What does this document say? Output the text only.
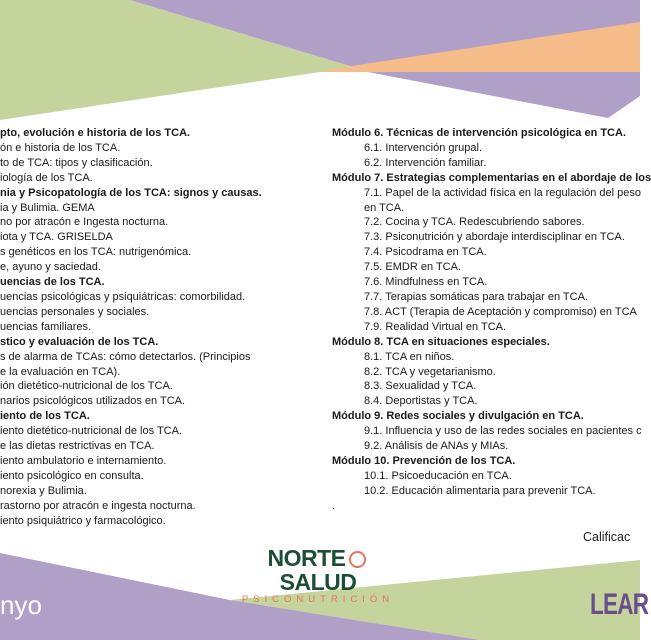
pto, evolución e historia de los TCA.
ón e historia de los TCA.
to de TCA: tipos y clasificación.
iología de los TCA.
nia y Psicopatología de los TCA: signos y causas.
ia y Bulimia. GEMA
no por atracón e Ingesta nocturna.
iota y TCA. GRISELDA
s genéticos en los TCA: nutrigenómica.
e, ayuno y saciedad.
uencias de los TCA.
uencias psicológicas y psiquiátricas: comorbilidad.
uencias personales y sociales.
uencias familiares.
stico y evaluación de los TCA.
s de alarma de TCAs: cómo detectarlos. (Principios
e la evaluación en TCA).
ión dietético-nutricional de los TCA.
narios psicológicos utilizados en TCA.
iento de los TCA.
iento dietético-nutricional de los TCA.
e las dietas restrictivas en TCA.
iento ambulatorio e internamiento.
iento psicológico en consulta.
norexia y Bulimia.
rastorno por atracón e ingesta nocturna.
iento psiquiátrico y farmacológico.
Módulo 6. Técnicas de intervención psicológica en TCA.
6.1. Intervención grupal.
6.2. Intervención familiar.
Módulo 7. Estrategias complementarias en el abordaje de los
7.1. Papel de la actividad física en la regulación del peso
en TCA.
7.2. Cocina y TCA. Redescubriendo sabores.
7.3. Psiconutrición y abordaje interdisciplinar en TCA.
7.4. Psicodrama en TCA.
7.5. EMDR en TCA.
7.6. Mindfulness en TCA.
7.7. Terapias somáticas para trabajar en TCA.
7.8. ACT (Terapia de Aceptación y compromiso) en TCA
7.9. Realidad Virtual en TCA.
Módulo 8. TCA en situaciones especiales.
8.1. TCA en niños.
8.2. TCA y vegetarianismo.
8.3. Sexualidad y TCA.
8.4. Deportistas y TCA.
Módulo 9. Redes sociales y divulgación en TCA.
9.1. Influencia y uso de las redes sociales en pacientes c
9.2. Análisis de ANAs y MIAs.
Módulo 10. Prevención de los TCA.
10.1. Psicoeducación en TCA.
10.2. Educación alimentaria para prevenir TCA.
.
Calificac
NORTESALUD
PSICONUTRICIÓN
nyo	LEAR
